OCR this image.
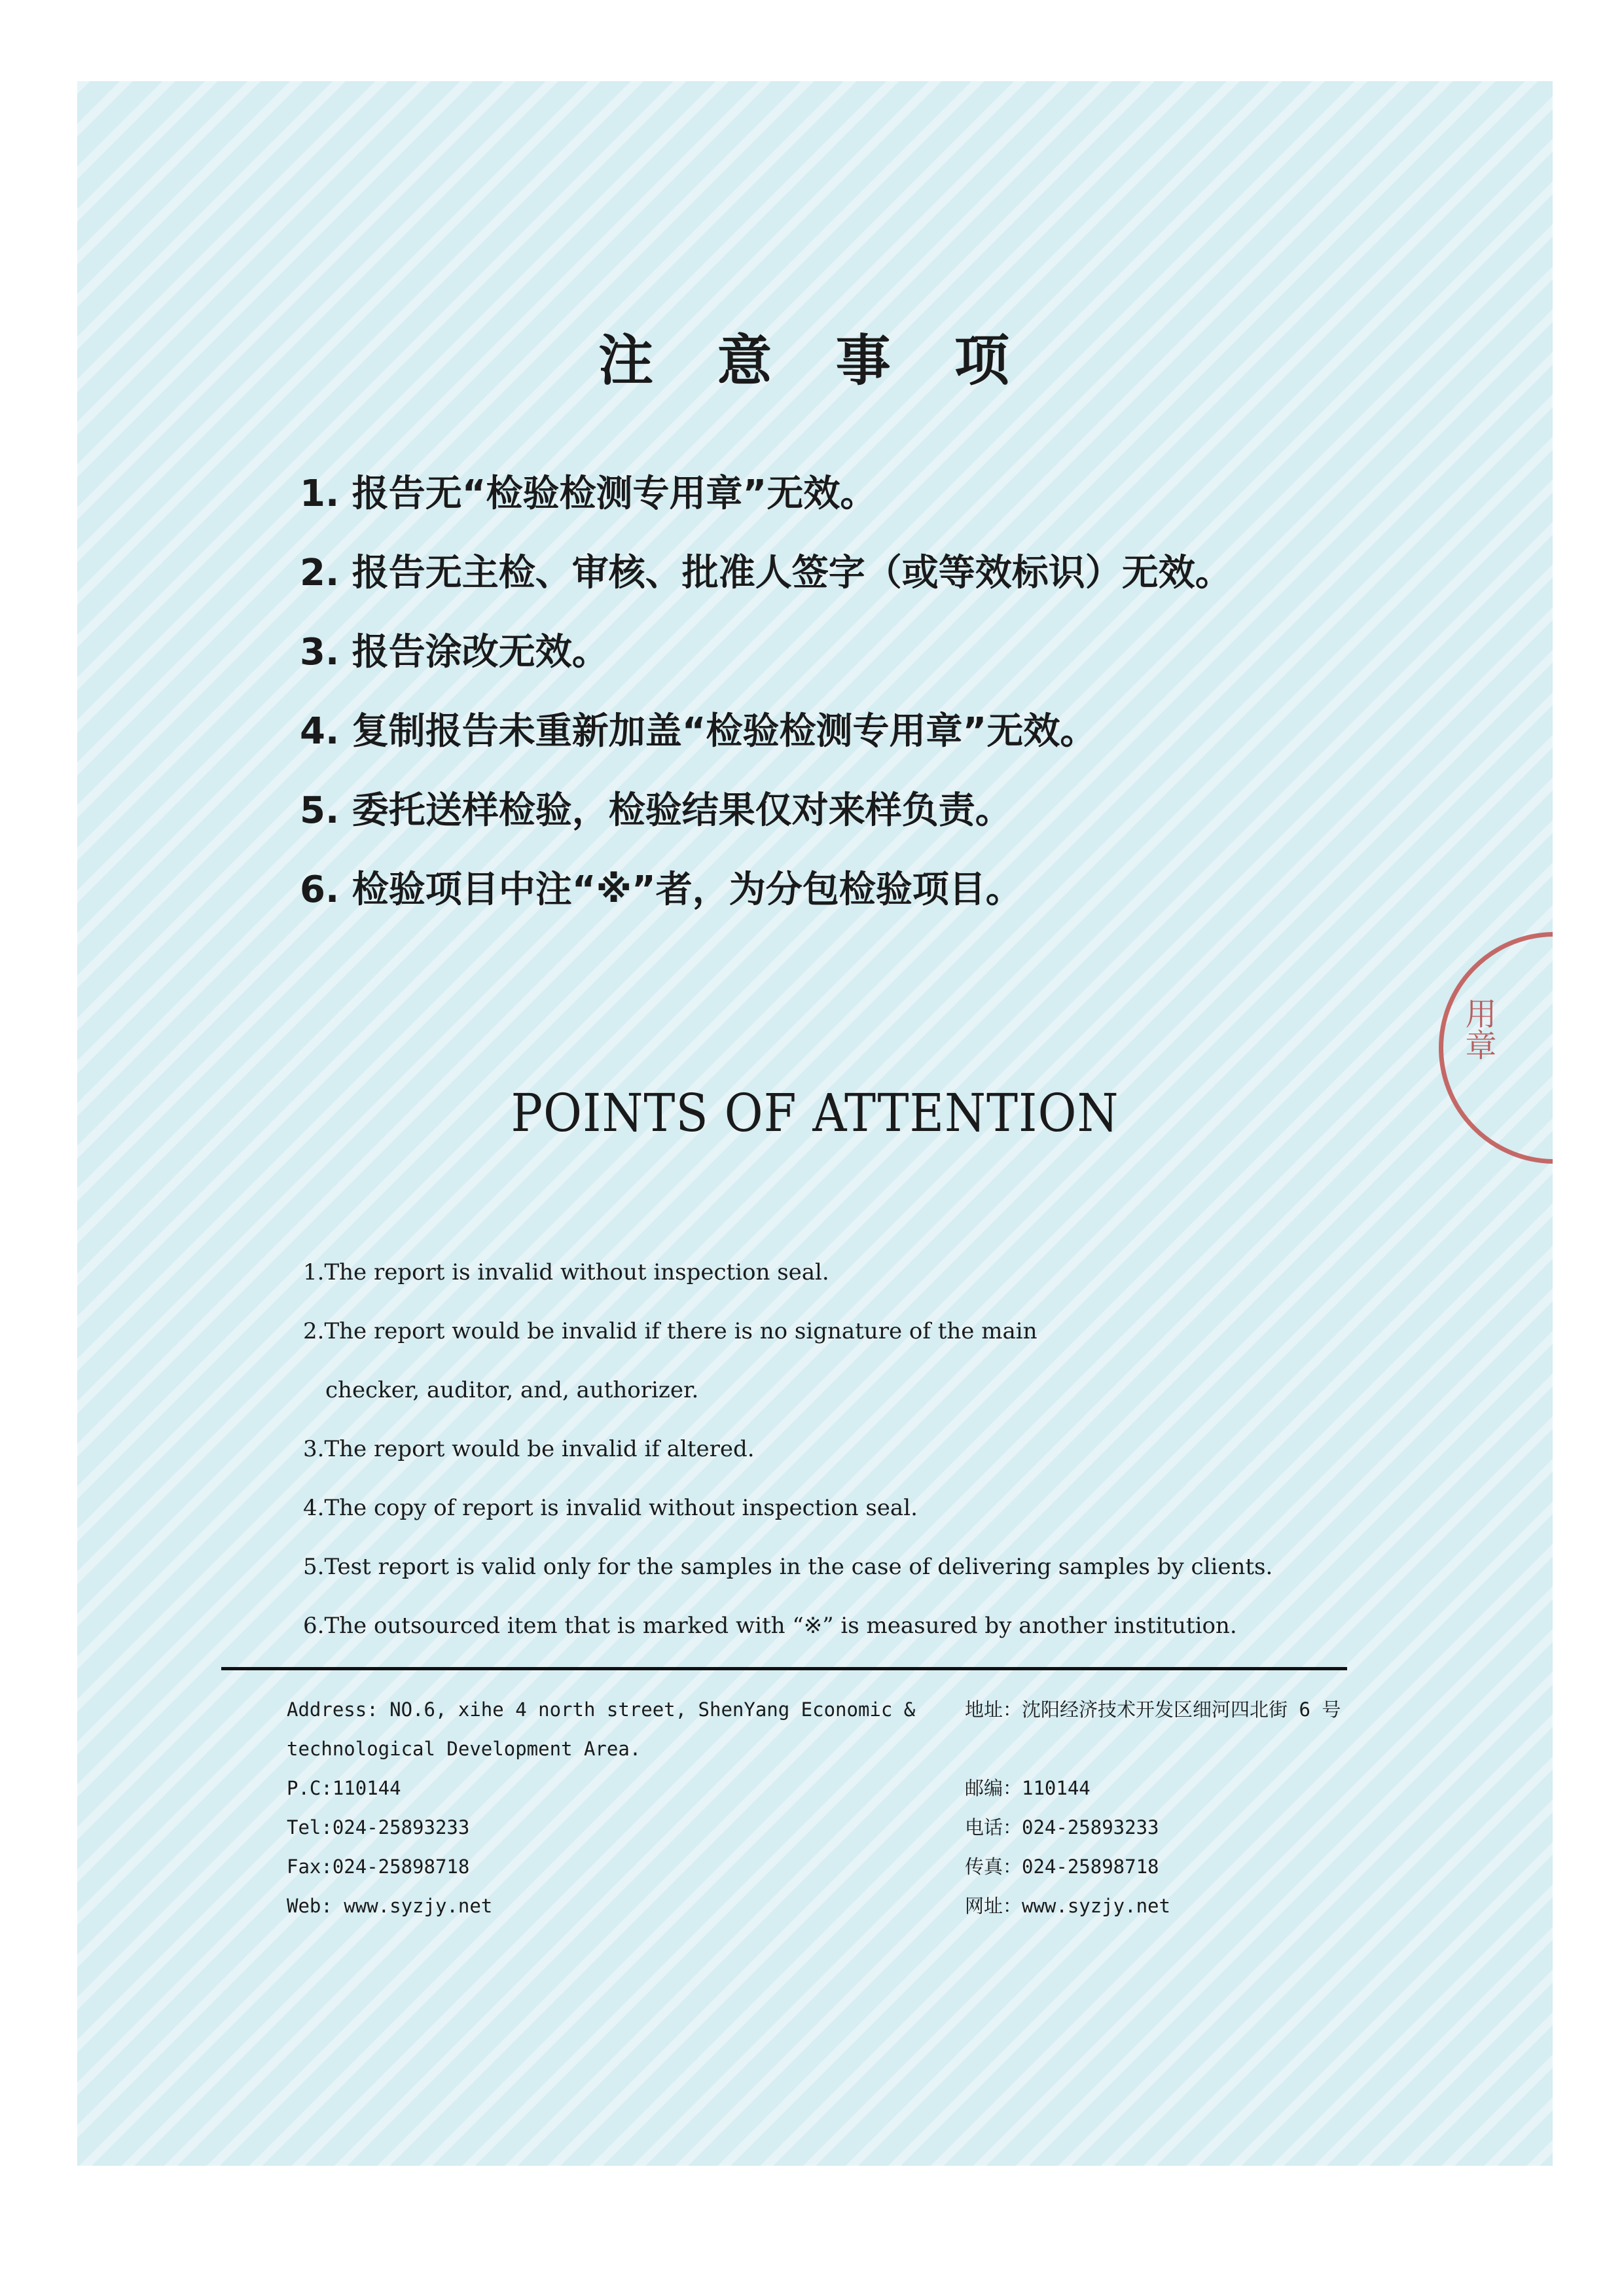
注 意 事 项
1. 报告无“检验检测专用章”无效。
2. 报告无主检、审核、批准人签字（或等效标识）无效。
3. 报告涂改无效。
4. 复制报告未重新加盖“检验检测专用章”无效。
5. 委托送样检验，检验结果仅对来样负责。
6. 检验项目中注“※”者，为分包检验项目。
POINTS OF ATTENTION
1.The report is invalid without inspection seal.
2.The report would be invalid if there is no signature of the main
checker, auditor, and, authorizer.
3.The report would be invalid if altered.
4.The copy of report is invalid without inspection seal.
5.Test report is valid only for the samples in the case of delivering samples by clients.
6.The outsourced item that is marked with “※” is measured by another institution.
Address: NO.6, xihe 4 north street, ShenYang Economic &
technological Development Area.
P.C:110144
Tel:024-25893233
Fax:024-25898718
Web: www.syzjy.net
地址：沈阳经济技术开发区细河四北街 6 号
邮编：110144
电话：024-25893233
传真：024-25898718
网址：www.syzjy.net
用章
